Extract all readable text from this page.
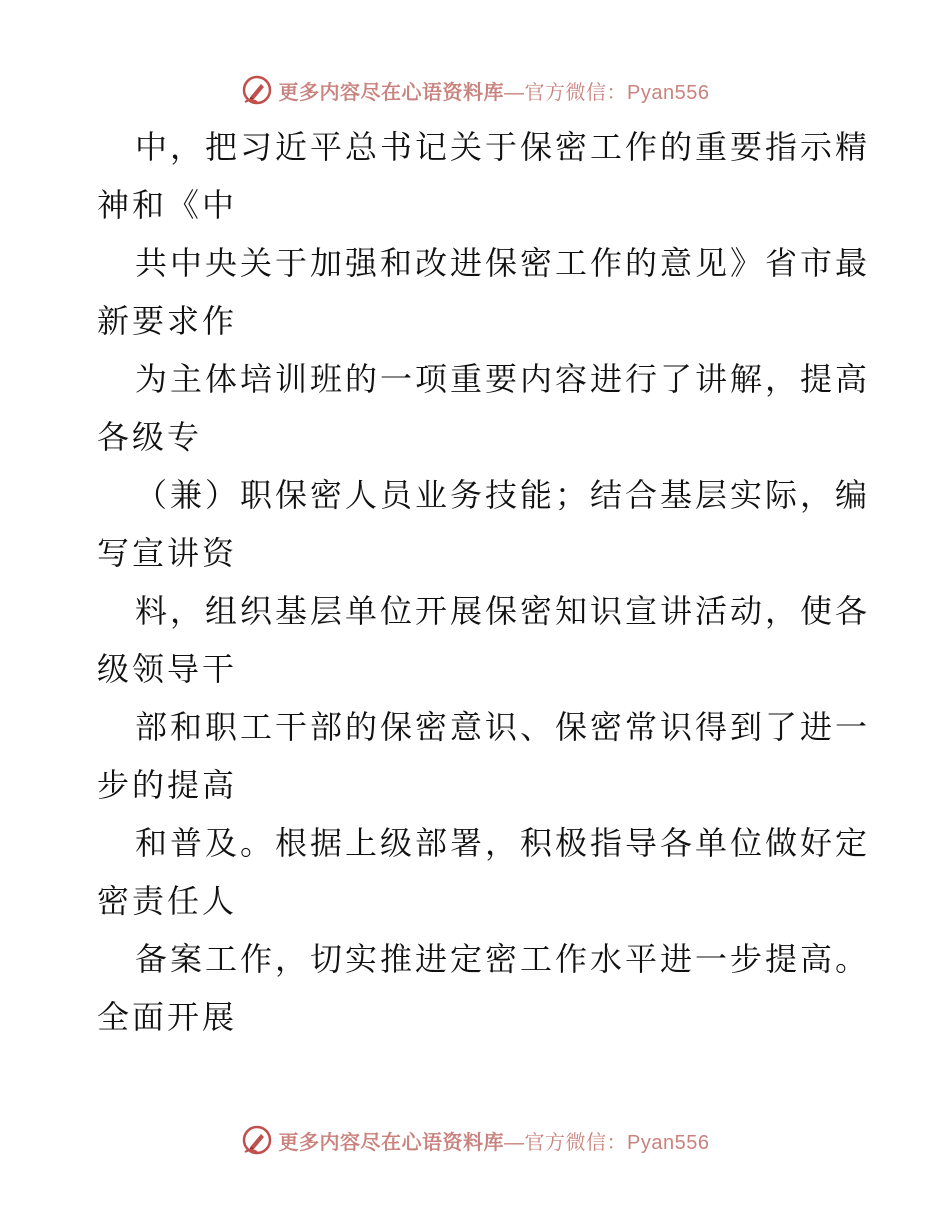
更多内容尽在心语资料库—官方微信：Pyan556
中，把习近平总书记关于保密工作的重要指示精
神和《中
共中央关于加强和改进保密工作的意见》省市最
新要求作
为主体培训班的一项重要内容进行了讲解，提高
各级专
（兼）职保密人员业务技能；结合基层实际，编
写宣讲资
料，组织基层单位开展保密知识宣讲活动，使各
级领导干
部和职工干部的保密意识、保密常识得到了进一
步的提高
和普及。根据上级部署，积极指导各单位做好定
密责任人
备案工作，切实推进定密工作水平进一步提高。
全面开展
更多内容尽在心语资料库—官方微信：Pyan556
